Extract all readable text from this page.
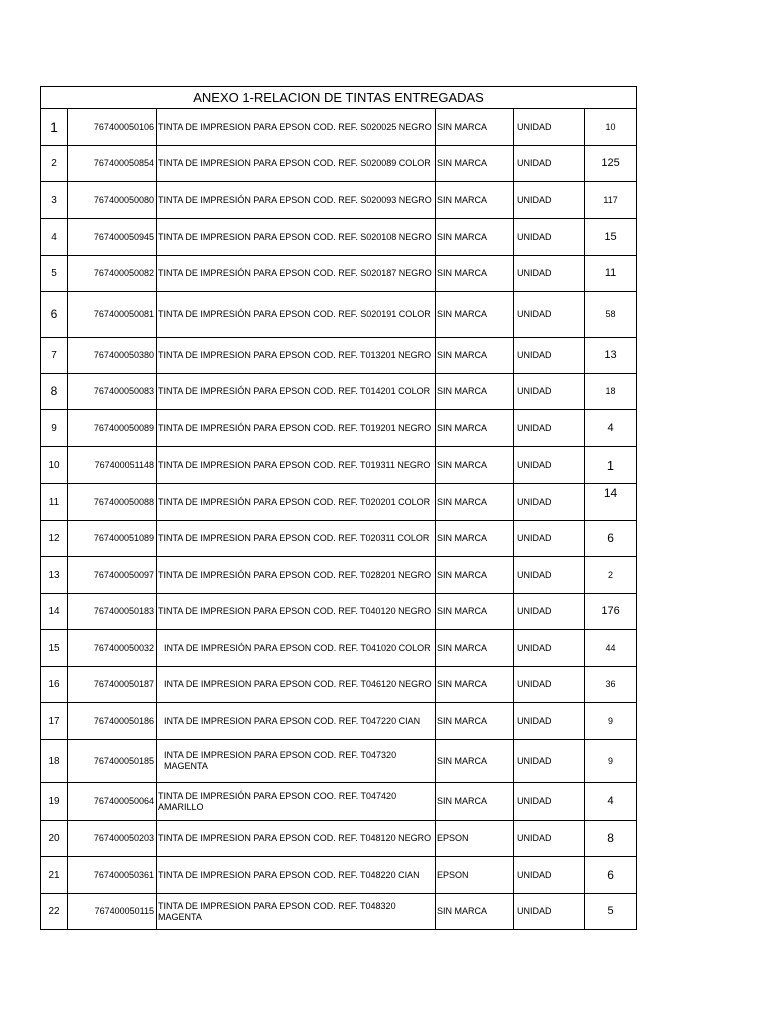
ANEXO 1-RELACION DE TINTAS ENTREGADAS					
1	767400050106	TINTA DE IMPRESION PARA EPSON COD. REF. S020025 NEGRO	SIN MARCA	UNIDAD	10
2	767400050854	TINTA DE IMPRESION PARA EPSON COD. REF. S020089 COLOR	SIN MARCA	UNIDAD	125
3	767400050080	TINTA DE IMPRESIÓN PARA EPSON COD. REF. S020093 NEGRO	SIN MARCA	UNIDAD	117
4	767400050945	TINTA DE IMPRESION PARA EPSON COD. REF. S020108 NEGRO	SIN MARCA	UNIDAD	15
5	767400050082	TINTA DE IMPRESIÓN PARA EPSON COD. REF. S020187 NEGRO	SIN MARCA	UNIDAD	11
6	767400050081	TINTA DE IMPRESIÓN PARA EPSON COD. REF. S020191 COLOR	SIN MARCA	UNIDAD	58
7	767400050380	TINTA DE IMPRESION PARA EPSON COD. REF. T013201 NEGRO	SIN MARCA	UNIDAD	13
8	767400050083	TINTA DE IMPRESIÓN PARA EPSON COD. REF. T014201 COLOR	SIN MARCA	UNIDAD	18
9	767400050089	TINTA DE IMPRESIÓN PARA EPSON COD. REF. T019201 NEGRO	SIN MARCA	UNIDAD	4
10	767400051148	TINTA DE IMPRESION PARA EPSON COD. REF. T019311 NEGRO	SIN MARCA	UNIDAD	1
11	767400050088	TINTA DE IMPRESIÓN PARA EPSON COD. REF. T020201 COLOR	SIN MARCA	UNIDAD	14
12	767400051089	TINTA DE IMPRESION PARA EPSON COD. REF. T020311 COLOR	SIN MARCA	UNIDAD	6
13	767400050097	TINTA DE IMPRESIÓN PARA EPSON COD. REF. T028201 NEGRO	SIN MARCA	UNIDAD	2
14	767400050183	TINTA DE IMPRESION PARA EPSON COD. REF. T040120 NEGRO	SIN MARCA	UNIDAD	176
15	767400050032	INTA DE IMPRESIÓN PARA EPSON COD. REF. T041020 COLOR	SIN MARCA	UNIDAD	44
16	767400050187	INTA DE IMPRESION PARA EPSON COD. REF. T046120 NEGRO	SIN MARCA	UNIDAD	36
17	767400050186	INTA DE IMPRESION PARA EPSON COD. REF. T047220 CIAN	SIN MARCA	UNIDAD	9
18	767400050185	INTA DE IMPRESION PARA EPSON COD. REF. T047320 MAGENTA	SIN MARCA	UNIDAD	9
19	767400050064	TINTA DE IMPRESIÓN PARA EPSON COO. REF. T047420 AMARILLO	SIN MARCA	UNIDAD	4
20	767400050203	TINTA DE IMPRESION PARA EPSON COD. REF. T048120 NEGRO	EPSON	UNIDAD	8
21	767400050361	TINTA DE IMPRESION PARA EPSON COD. REF. T048220 CIAN	EPSON	UNIDAD	6
22	767400050115	TINTA DE IMPRESION PARA EPSON COD. REF. T048320 MAGENTA	SIN MARCA	UNIDAD	5
